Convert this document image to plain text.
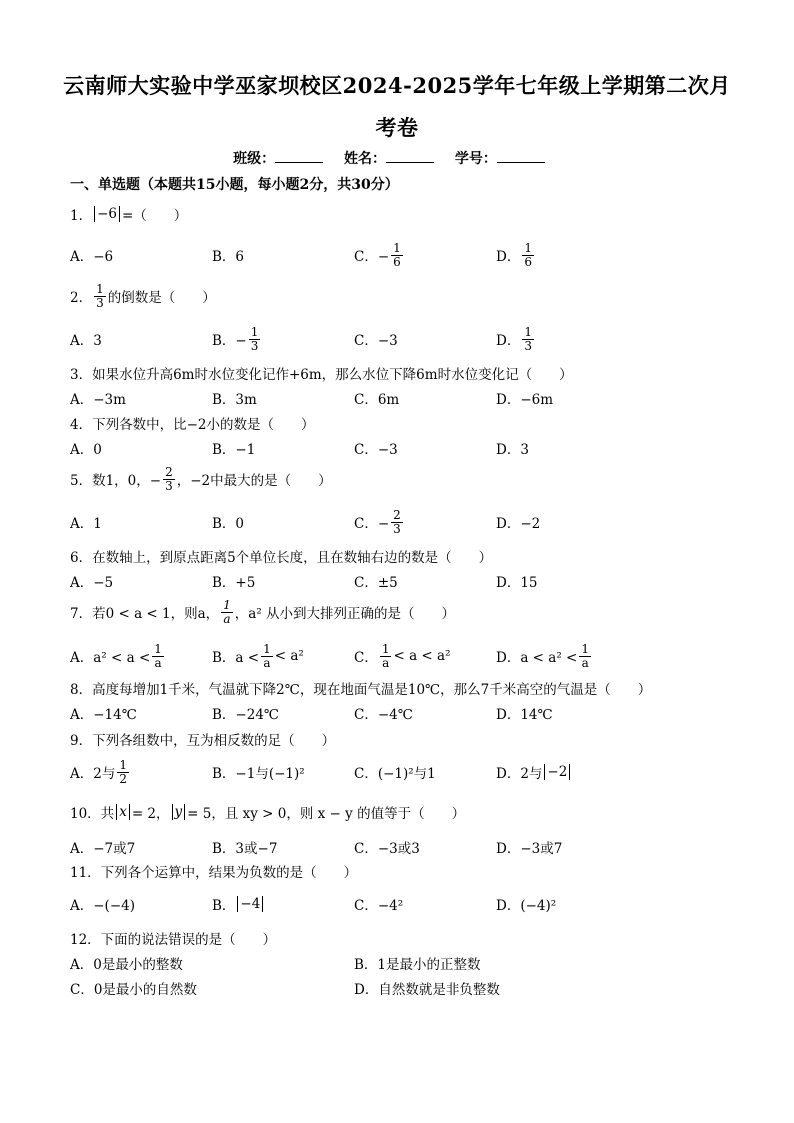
云南师大实验中学巫家坝校区2024-2025学年七年级上学期第二次月
考卷
班级：	姓名：	学号：
一、单选题（本题共15小题，每小题2分，共30分）
1． −6 =（　　）
A．−6	B．6	C．− $\frac{1}{6}$	D． $\frac{1}{6}$
2． $\frac{1}{3}$ 的倒数是（　　）
A．3	B．− $\frac{1}{3}$	C．−3	D． $\frac{1}{3}$
3．如果水位升高6m时水位变化记作+6m，那么水位下降6m时水位变化记（　　）
A．−3m	B．3m	C．6m	D．−6m
4．下列各数中，比−2小的数是（　　）
A．0	B．−1	C．−3	D．3
5．数1，0，− $\frac{2}{3}$ ，−2中最大的是（　　）
A．1	B．0	C．− $\frac{2}{3}$	D．−2
6．在数轴上，到原点距离5个单位长度，且在数轴右边的数是（　　）
A．−5	B．+5	C．±5	D．15
7．若0 < a < 1，则a， $\frac{1}{a}$ ，a² 从小到大排列正确的是（　　）
A．$a^2 < a < \frac{1}{a}$	B．$a < \frac{1}{a} < a^2$	C． $\frac{1}{a} < a < a^2$	D．$a < a^2 < \frac{1}{a}$
8．高度每增加1千米，气温就下降2℃，现在地面气温是10℃，那么7千米高空的气温是（　　）
A．−14℃	B．−24℃	C．−4℃	D．14℃
9．下列各组数中，互为相反数的足（　　）
A．2与 $\frac{1}{2}$	B．−1与(−1)²	C．(−1)²与1	D．2与 −2
10．共 x = 2， y = 5，且 xy > 0，则 x − y 的值等于（　　）
A．−7或7	B．3或−7	C．−3或3	D．−3或7
11．下列各个运算中，结果为负数的是（　　）
A．−(−4)	B． −4	C．−4²	D．(−4)²
12．下面的说法错误的是（　　）
A．0是最小的整数	B．1是最小的正整数
C．0是最小的自然数	D．自然数就是非负整数
